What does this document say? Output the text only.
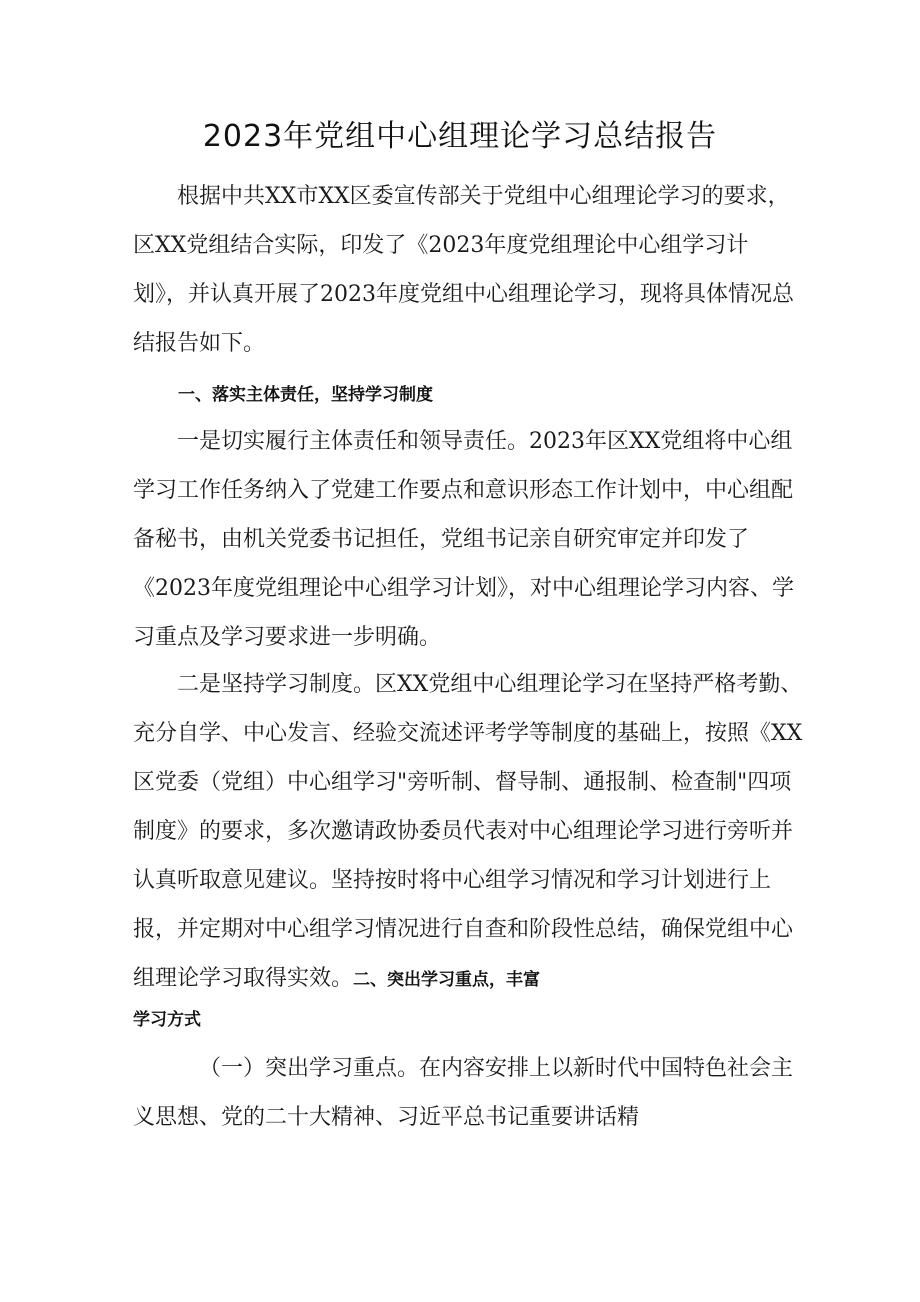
2023年党组中心组理论学习总结报告

根据中共XX市XX区委宣传部关于党组中心组理论学习的要求，区XX党组结合实际，印发了《2023年度党组理论中心组学习计划》，并认真开展了2023年度党组中心组理论学习，现将具体情况总结报告如下。

一、落实主体责任，坚持学习制度

一是切实履行主体责任和领导责任。2023年区XX党组将中心组学习工作任务纳入了党建工作要点和意识形态工作计划中，中心组配备秘书，由机关党委书记担任，党组书记亲自研究审定并印发了《2023年度党组理论中心组学习计划》，对中心组理论学习内容、学习重点及学习要求进一步明确。

二是坚持学习制度。区XX党组中心组理论学习在坚持严格考勤、充分自学、中心发言、经验交流述评考学等制度的基础上，按照《XX区党委（党组）中心组学习"旁听制、督导制、通报制、检查制"四项制度》的要求，多次邀请政协委员代表对中心组理论学习进行旁听并认真听取意见建议。坚持按时将中心组学习情况和学习计划进行上报，并定期对中心组学习情况进行自查和阶段性总结，确保党组中心组理论学习取得实效。二、突出学习重点，丰富

学习方式

（一）突出学习重点。在内容安排上以新时代中国特色社会主义思想、党的二十大精神、习近平总书记重要讲话精
